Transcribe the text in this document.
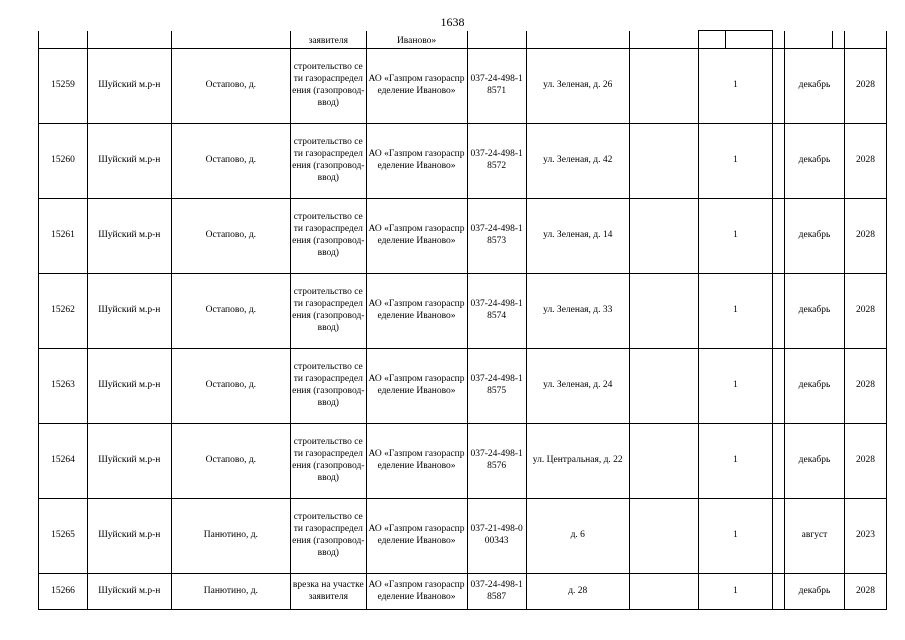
1638
			заявителя	Иваново»									
15259	Шуйский м.р-н	Остапово, д.	строительство сети газораспределения (газопровод-ввод)	АО «Газпром газораспределение Иваново»	037-24-498-18571	ул. Зеленая, д. 26		1			декабрь		2028
15260	Шуйский м.р-н	Остапово, д.	строительство сети газораспределения (газопровод-ввод)	АО «Газпром газораспределение Иваново»	037-24-498-18572	ул. Зеленая, д. 42		1			декабрь		2028
15261	Шуйский м.р-н	Остапово, д.	строительство сети газораспределения (газопровод-ввод)	АО «Газпром газораспределение Иваново»	037-24-498-18573	ул. Зеленая, д. 14		1			декабрь		2028
15262	Шуйский м.р-н	Остапово, д.	строительство сети газораспределения (газопровод-ввод)	АО «Газпром газораспределение Иваново»	037-24-498-18574	ул. Зеленая, д. 33		1			декабрь		2028
15263	Шуйский м.р-н	Остапово, д.	строительство сети газораспределения (газопровод-ввод)	АО «Газпром газораспределение Иваново»	037-24-498-18575	ул. Зеленая, д. 24		1			декабрь		2028
15264	Шуйский м.р-н	Остапово, д.	строительство сети газораспределения (газопровод-ввод)	АО «Газпром газораспределение Иваново»	037-24-498-18576	ул. Центральная, д. 22		1			декабрь		2028
15265	Шуйский м.р-н	Панютино, д.	строительство сети газораспределения (газопровод-ввод)	АО «Газпром газораспределение Иваново»	037-21-498-000343	д. 6		1			август		2023
15266	Шуйский м.р-н	Панютино, д.	врезка на участке заявителя	АО «Газпром газораспределение Иваново»	037-24-498-18587	д. 28		1			декабрь		2028
